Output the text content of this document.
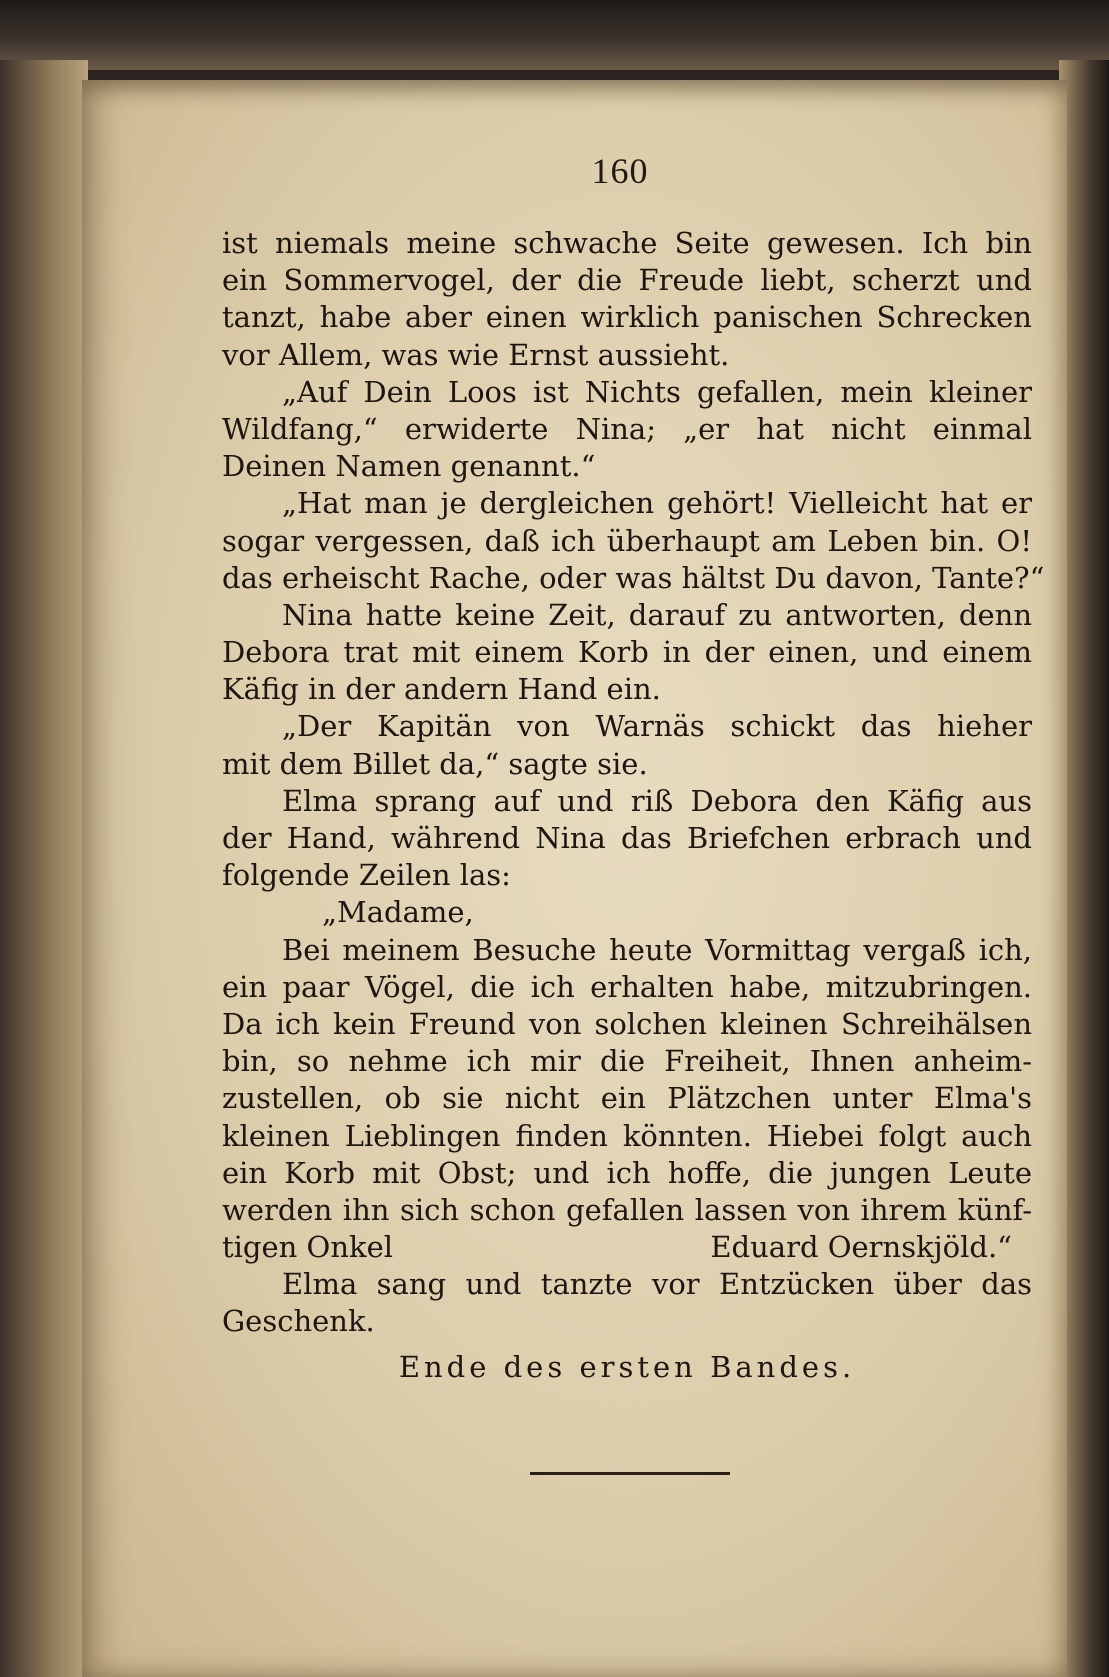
160
ist niemals meine schwache Seite gewesen. Ich bin
ein Sommervogel, der die Freude liebt, scherzt und
tanzt, habe aber einen wirklich panischen Schrecken
vor Allem, was wie Ernst aussieht.
„Auf Dein Loos ist Nichts gefallen, mein kleiner
Wildfang,“ erwiderte Nina; „er hat nicht einmal
Deinen Namen genannt.“
„Hat man je dergleichen gehört! Vielleicht hat er
sogar vergessen, daß ich überhaupt am Leben bin. O!
das erheischt Rache, oder was hältst Du davon, Tante?“
Nina hatte keine Zeit, darauf zu antworten, denn
Debora trat mit einem Korb in der einen, und einem
Käfig in der andern Hand ein.
„Der Kapitän von Warnäs schickt das hieher
mit dem Billet da,“ sagte sie.
Elma sprang auf und riß Debora den Käfig aus
der Hand, während Nina das Briefchen erbrach und
folgende Zeilen las:
„Madame,
Bei meinem Besuche heute Vormittag vergaß ich,
ein paar Vögel, die ich erhalten habe, mitzubringen.
Da ich kein Freund von solchen kleinen Schreihälsen
bin, so nehme ich mir die Freiheit, Ihnen anheim-
zustellen, ob sie nicht ein Plätzchen unter Elma's
kleinen Lieblingen finden könnten. Hiebei folgt auch
ein Korb mit Obst; und ich hoffe, die jungen Leute
werden ihn sich schon gefallen lassen von ihrem künf-
tigen Onkel	Eduard Oernskjöld.“
Elma sang und tanzte vor Entzücken über das
Geschenk.
Ende des ersten Bandes.
